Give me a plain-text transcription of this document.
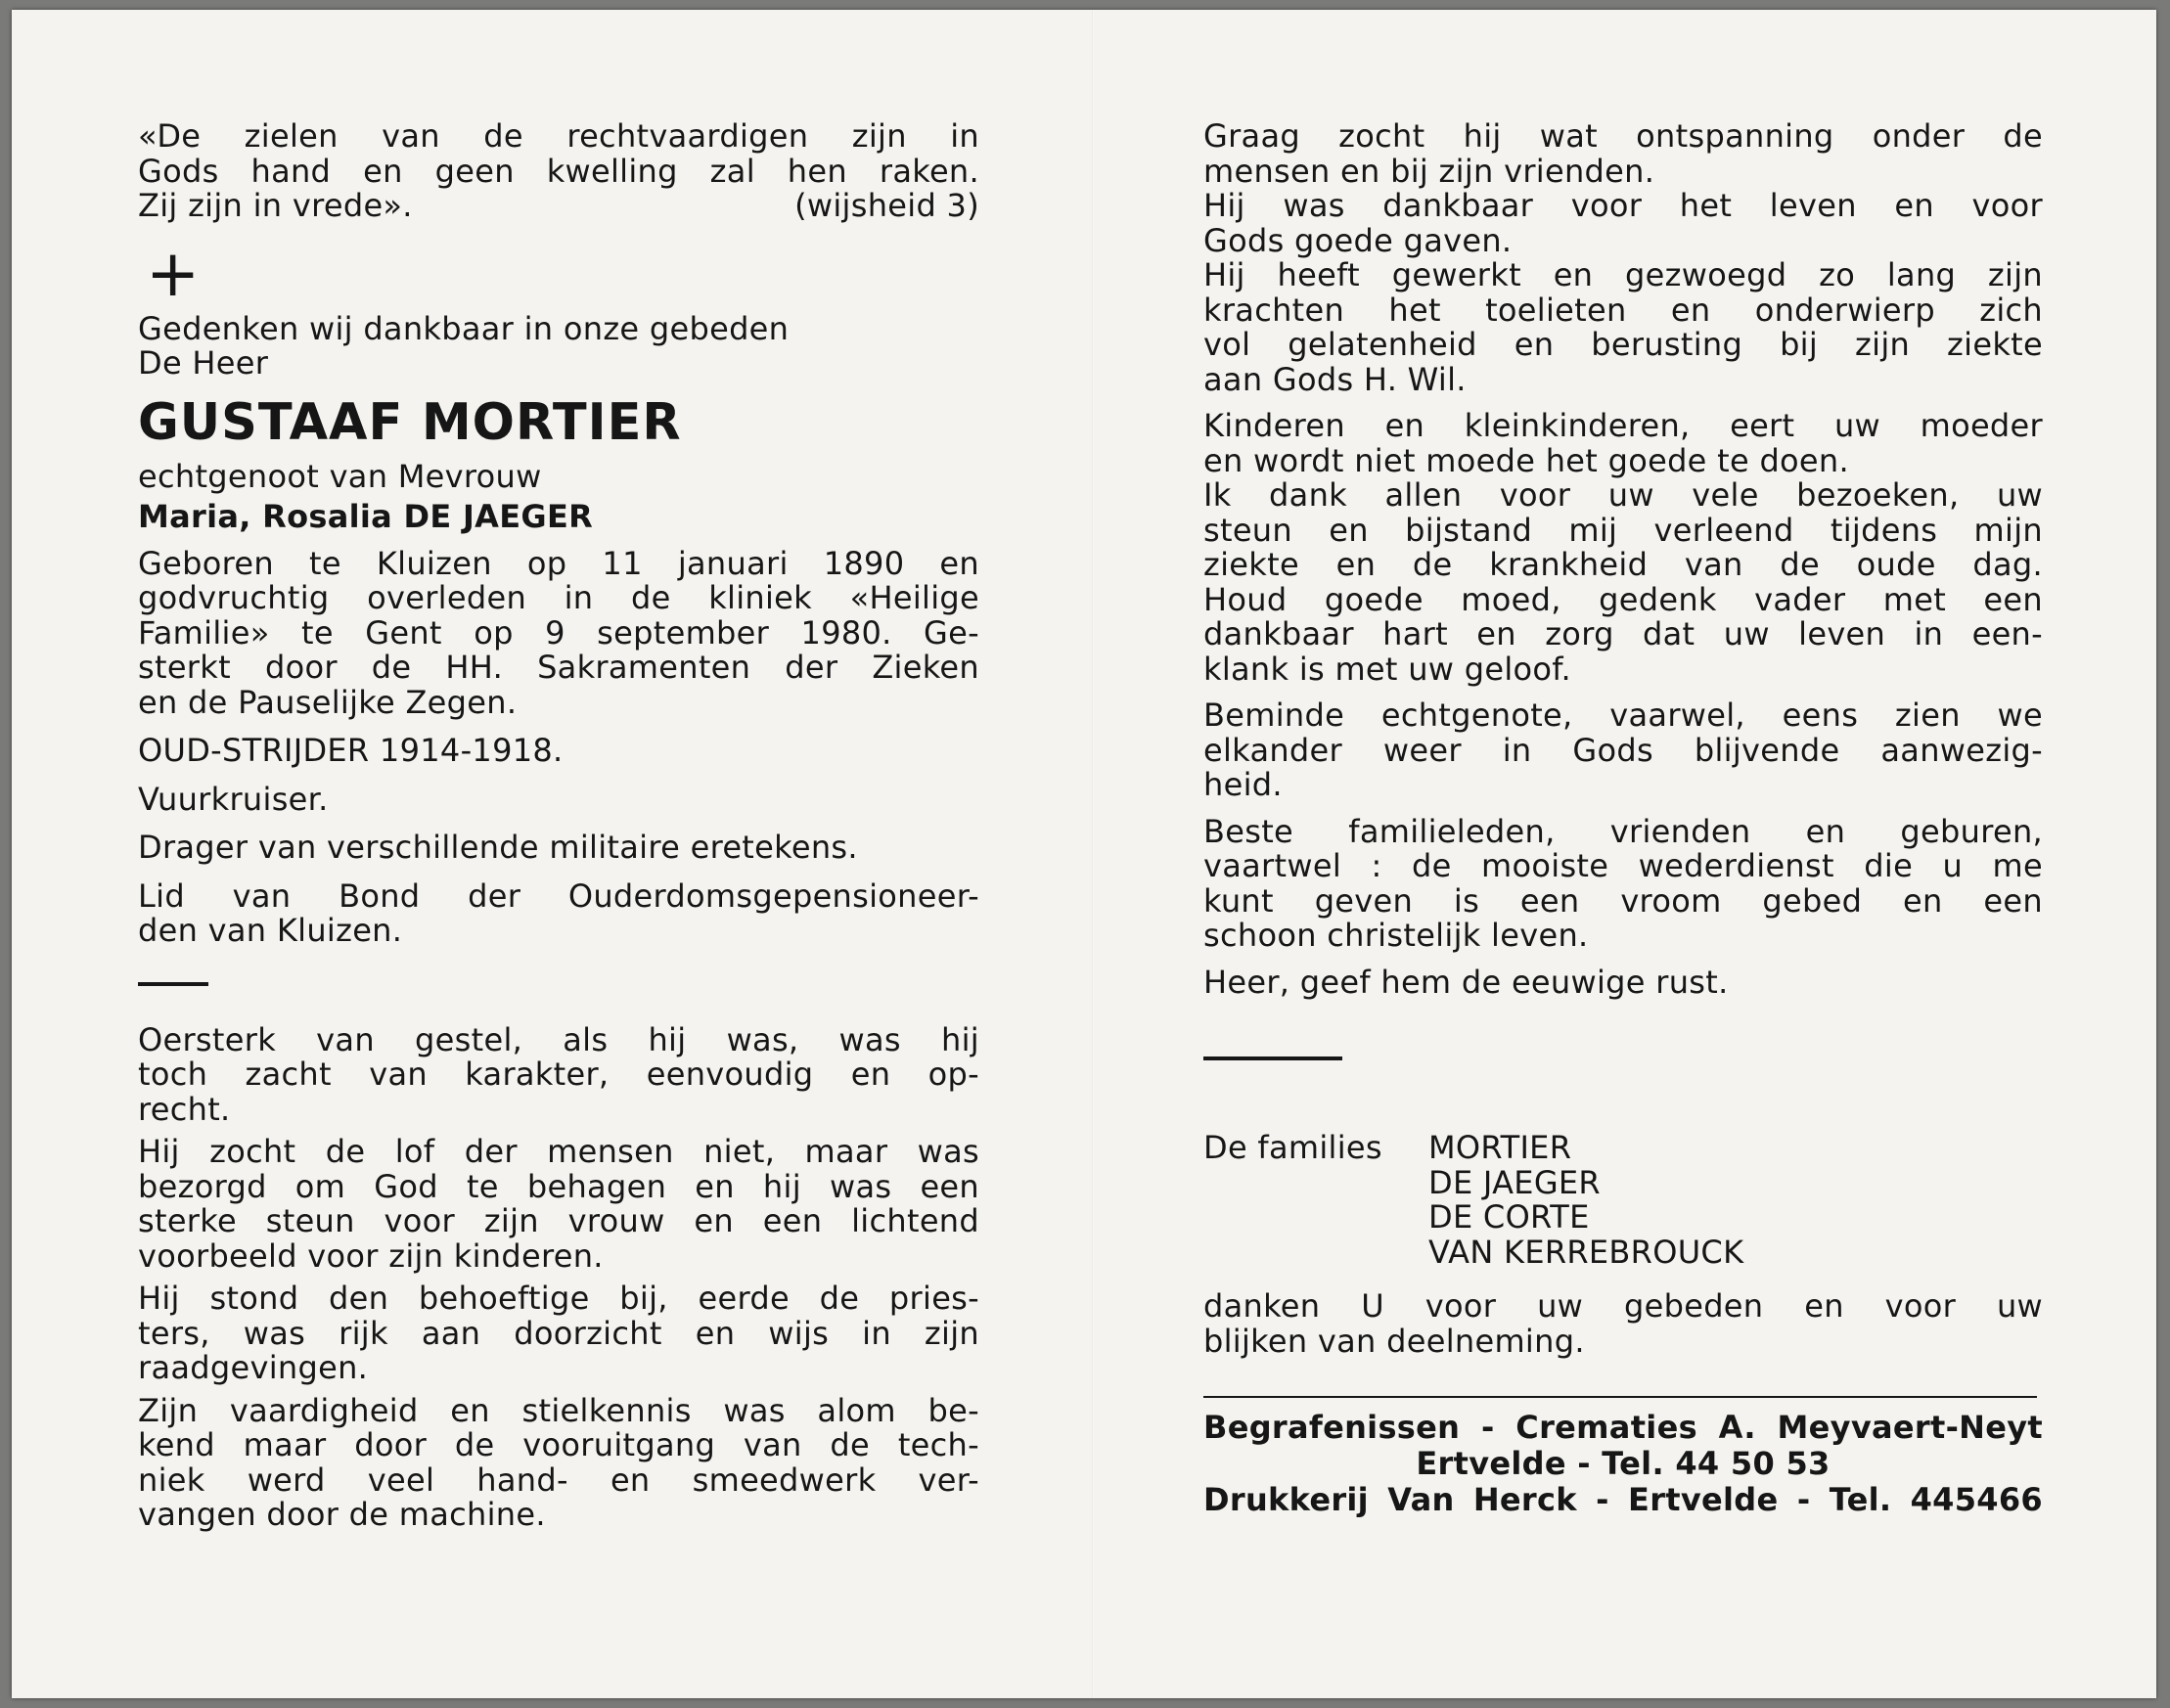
«De zielen van de rechtvaardigen zijn in

Gods hand en geen kwelling zal hen raken.

Zij zijn in vrede».	(wijsheid 3)
+

Gedenken wij dankbaar in onze gebeden

De Heer

GUSTAAF MORTIER

echtgenoot van Mevrouw

Maria, Rosalia DE JAEGER

Geboren te Kluizen op 11 januari 1890 en

godvruchtig overleden in de kliniek «Heilige

Familie» te Gent op 9 september 1980. Ge-

sterkt door de HH. Sakramenten der Zieken

en de Pauselijke Zegen.

OUD-STRIJDER 1914-1918.

Vuurkruiser.

Drager van verschillende militaire eretekens.

Lid van Bond der Ouderdomsgepensioneer-

den van Kluizen.

Oersterk van gestel, als hij was, was hij

toch zacht van karakter, eenvoudig en op-

recht.

Hij zocht de lof der mensen niet, maar was

bezorgd om God te behagen en hij was een

sterke steun voor zijn vrouw en een lichtend

voorbeeld voor zijn kinderen.

Hij stond den behoeftige bij, eerde de pries-

ters, was rijk aan doorzicht en wijs in zijn

raadgevingen.

Zijn vaardigheid en stielkennis was alom be-

kend maar door de vooruitgang van de tech-

niek werd veel hand- en smeedwerk ver-

vangen door de machine.

Graag zocht hij wat ontspanning onder de

mensen en bij zijn vrienden.

Hij was dankbaar voor het leven en voor

Gods goede gaven.

Hij heeft gewerkt en gezwoegd zo lang zijn

krachten het toelieten en onderwierp zich

vol gelatenheid en berusting bij zijn ziekte

aan Gods H. Wil.

Kinderen en kleinkinderen, eert uw moeder

en wordt niet moede het goede te doen.

Ik dank allen voor uw vele bezoeken, uw

steun en bijstand mij verleend tijdens mijn

ziekte en de krankheid van de oude dag.

Houd goede moed, gedenk vader met een

dankbaar hart en zorg dat uw leven in een-

klank is met uw geloof.

Beminde echtgenote, vaarwel, eens zien we

elkander weer in Gods blijvende aanwezig-

heid.

Beste familieleden, vrienden en geburen,

vaartwel : de mooiste wederdienst die u me

kunt geven is een vroom gebed en een

schoon christelijk leven.

Heer, geef hem de eeuwige rust.

De families	MORTIER

DE JAEGER

DE CORTE

VAN KERREBROUCK

danken U voor uw gebeden en voor uw

blijken van deelneming.

Begrafenissen - Crematies A. Meyvaert-Neyt

Ertvelde - Tel. 44 50 53

Drukkerij Van Herck - Ertvelde - Tel. 445466
